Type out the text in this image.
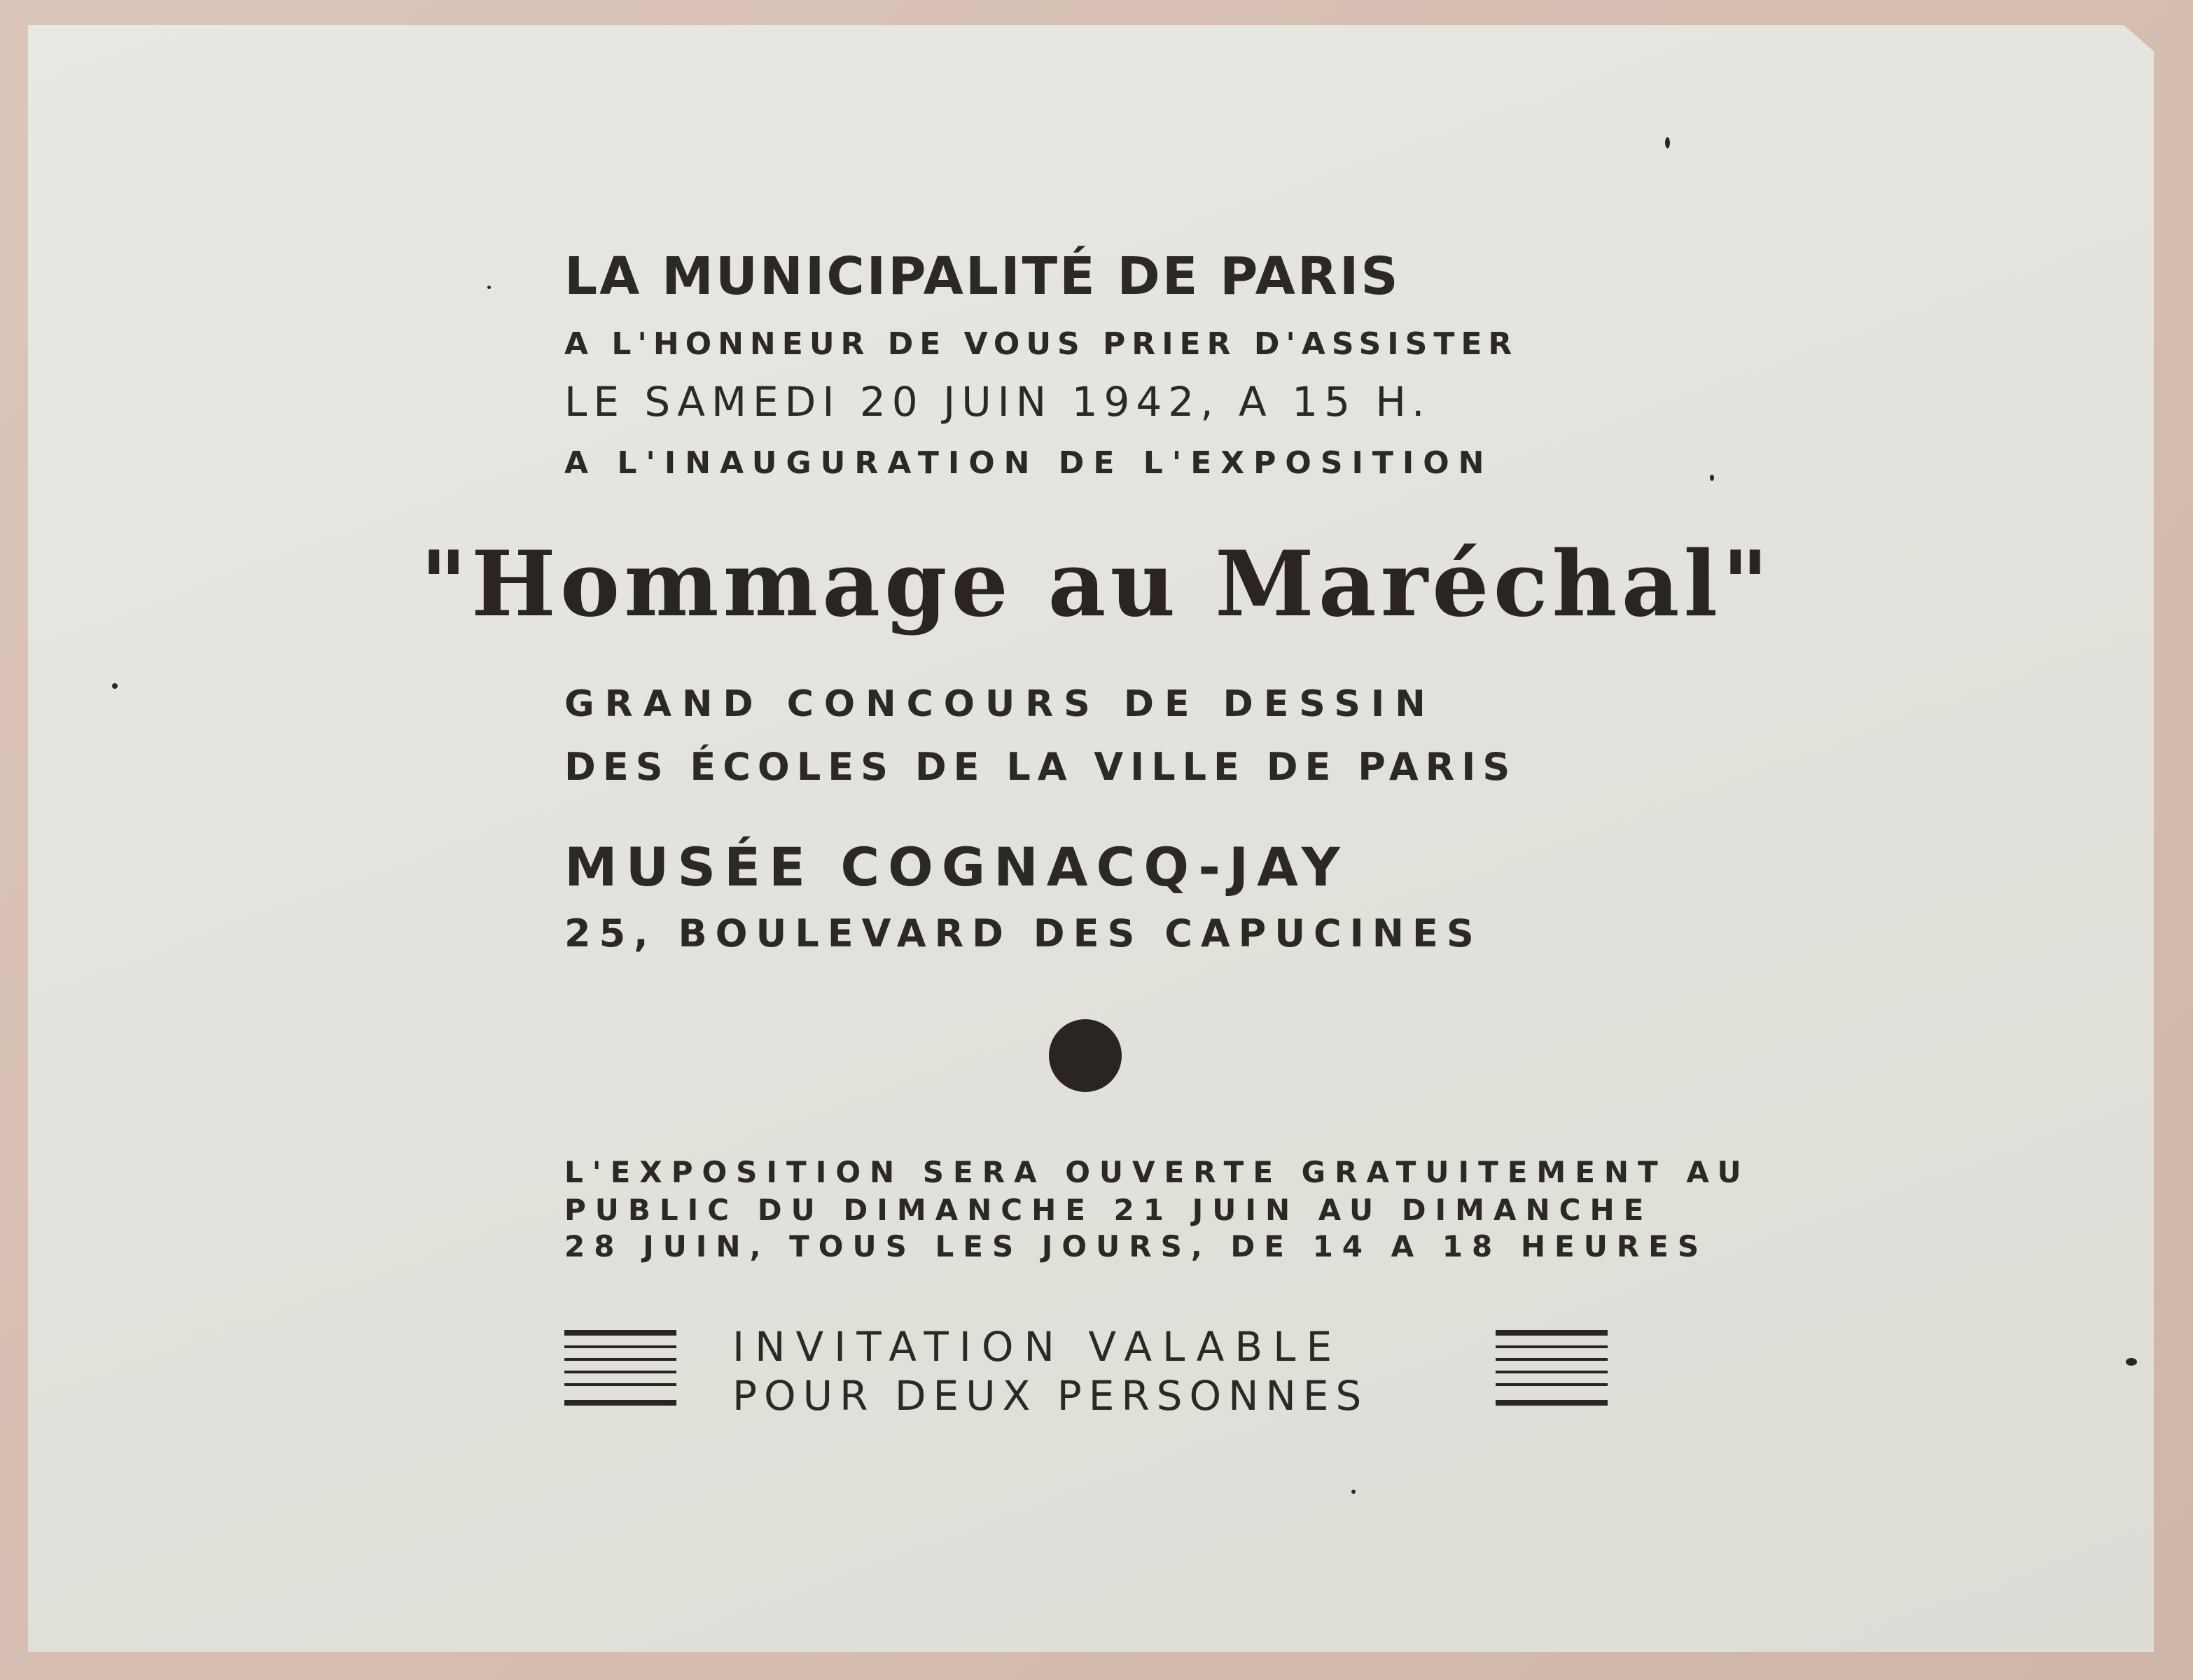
LA MUNICIPALITÉ DE PARIS
A L'HONNEUR DE VOUS PRIER D'ASSISTER
LE SAMEDI 20 JUIN 1942, A 15 H.
A L'INAUGURATION DE L'EXPOSITION
"Hommage au Maréchal"
GRAND CONCOURS DE DESSIN
DES ÉCOLES DE LA VILLE DE PARIS
MUSÉE COGNACQ-JAY
25, BOULEVARD DES CAPUCINES
L'EXPOSITION SERA OUVERTE GRATUITEMENT AU
PUBLIC DU DIMANCHE 21 JUIN AU DIMANCHE
28 JUIN, TOUS LES JOURS, DE 14 A 18 HEURES
INVITATION VALABLE
POUR DEUX PERSONNES
